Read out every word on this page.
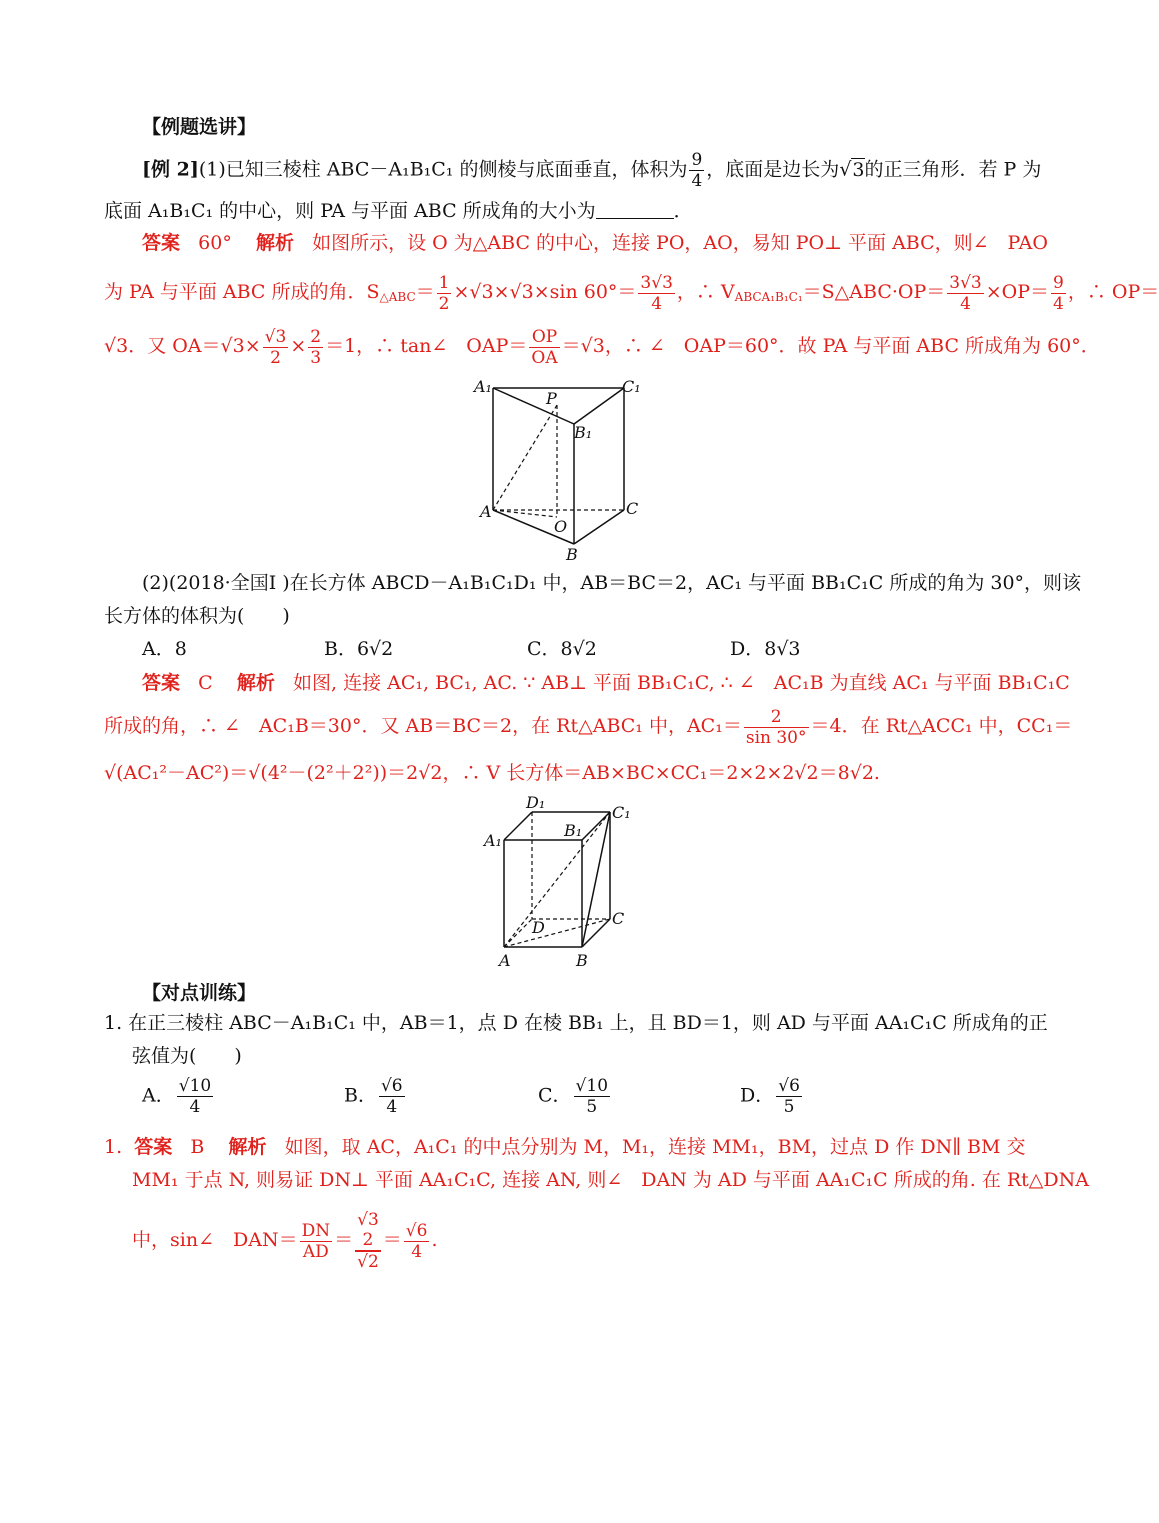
【例题选讲】
[例 2](1)已知三棱柱 ABC－A₁B₁C₁ 的侧棱与底面垂直，体积为 $\frac{9}{4}$ ，底面是边长为√3的正三角形．若 P 为
底面 A₁B₁C₁ 的中心，则 PA 与平面 ABC 所成角的大小为	．
答案 60° 解析 如图所示，设 O 为△ABC 的中心，连接 PO，AO，易知 PO⊥ 平面 ABC，则∠　PAO
为 PA 与平面 ABC 所成的角．$S_{\triangle ABC}= \frac{1}{2} \times√3\times√3\times\sin$ $60^\circ= \frac{3√3}{4}$ ，∴ $V_{ABCA_1B_1C_1}=S\triangle ABC\cdot OP= \frac{3√3}{4} \times OP= \frac{9}{4}$ ，∴ OP＝
√3．又 $OA=√3\times \frac{√3}{2} \times \frac{2}{3} =1$，∴ tan∠　$OAP= \frac{OP}{OA} =√3$，∴ ∠　OAP＝60°．故 PA 与平面 ABC 所成角为 60°．
A₁	C₁
P
B₁
A	C
O
B
(2)(2018·全国Ⅰ )在长方体 ABCD－A₁B₁C₁D₁ 中，AB＝BC＝2，AC₁ 与平面 BB₁C₁C 所成的角为 30°，则该
长方体的体积为(　　)
A．8	B．6√2	C．8√2	D．8√3
答案 C 解析 如图, 连接 AC₁, BC₁, AC. ∵ AB⊥ 平面 BB₁C₁C, ∴ ∠　AC₁B 为直线 AC₁ 与平面 BB₁C₁C
所成的角，∴ ∠　AC₁B＝30°．又 AB＝BC＝2，在 Rt△ABC₁ 中，$AC_1= \frac{2}{\sin 30^\circ} =4$．在 Rt△ACC₁ 中，CC₁＝
√(AC₁²－AC²)＝√(4²－(2²＋2²))＝2√2，∴ V 长方体＝AB×BC×CC₁＝2×2×2√2＝8√2.
D₁
C₁
B₁
A₁
D	C
A	B
【对点训练】
1. 在正三棱柱 ABC－A₁B₁C₁ 中，AB＝1，点 D 在棱 BB₁ 上，且 BD＝1，则 AD 与平面 AA₁C₁C 所成角的正
弦值为(　　)
A． $\frac{√10}{4}$	B． $\frac{√6}{4}$	C． $\frac{√10}{5}$	D． $\frac{√6}{5}$
1. 答案 B 解析 如图，取 AC，A₁C₁ 的中点分别为 M，M₁，连接 MM₁，BM，过点 D 作 DN∥ BM 交
MM₁ 于点 N, 则易证 DN⊥ 平面 AA₁C₁C, 连接 AN, 则∠　DAN 为 AD 与平面 AA₁C₁C 所成的角. 在 Rt△DNA
中，sin∠　$DAN= \frac{DN}{AD}$ ＝
√3
2
√2
＝ $\frac{√6}{4}$ .
